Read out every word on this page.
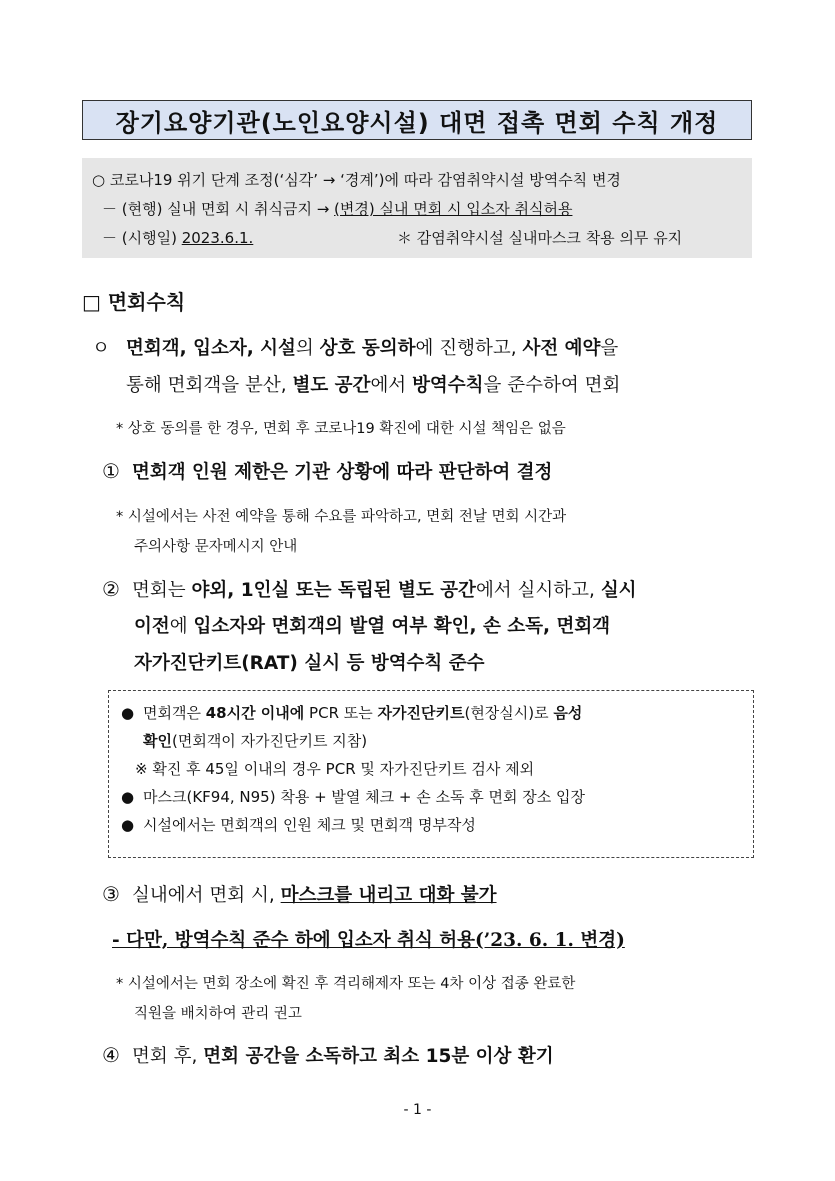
장기요양기관(노인요양시설) 대면 접촉 면회 수칙 개정
○ 코로나19 위기 단계 조정(‘심각’ → ‘경계’)에 따라 감염취약시설 방역수칙 변경
－ (현행) 실내 면회 시 취식금지 → (변경) 실내 면회 시 입소자 취식허용
－ (시행일) 2023.6.1.	＊ 감염취약시설 실내마스크 착용 의무 유지
□ 면회수칙
ㅇ 면회객, 입소자, 시설의 상호 동의하에 진행하고, 사전 예약을
통해 면회객을 분산, 별도 공간에서 방역수칙을 준수하여 면회
* 상호 동의를 한 경우, 면회 후 코로나19 확진에 대한 시설 책임은 없음
① 면회객 인원 제한은 기관 상황에 따라 판단하여 결정
* 시설에서는 사전 예약을 통해 수요를 파악하고, 면회 전날 면회 시간과
주의사항 문자메시지 안내
② 면회는 야외, 1인실 또는 독립된 별도 공간에서 실시하고, 실시
이전에 입소자와 면회객의 발열 여부 확인, 손 소독, 면회객
자가진단키트(RAT) 실시 등 방역수칙 준수
● 면회객은 48시간 이내에 PCR 또는 자가진단키트(현장실시)로 음성
확인(면회객이 자가진단키트 지참)
※ 확진 후 45일 이내의 경우 PCR 및 자가진단키트 검사 제외
● 마스크(KF94, N95) 착용 + 발열 체크 + 손 소독 후 면회 장소 입장
● 시설에서는 면회객의 인원 체크 및 면회객 명부작성
③ 실내에서 면회 시, 마스크를 내리고 대화 불가
- 다만, 방역수칙 준수 하에 입소자 취식 허용(’23. 6. 1. 변경)
* 시설에서는 면회 장소에 확진 후 격리해제자 또는 4차 이상 접종 완료한
직원을 배치하여 관리 권고
④ 면회 후, 면회 공간을 소독하고 최소 15분 이상 환기
- 1 -
